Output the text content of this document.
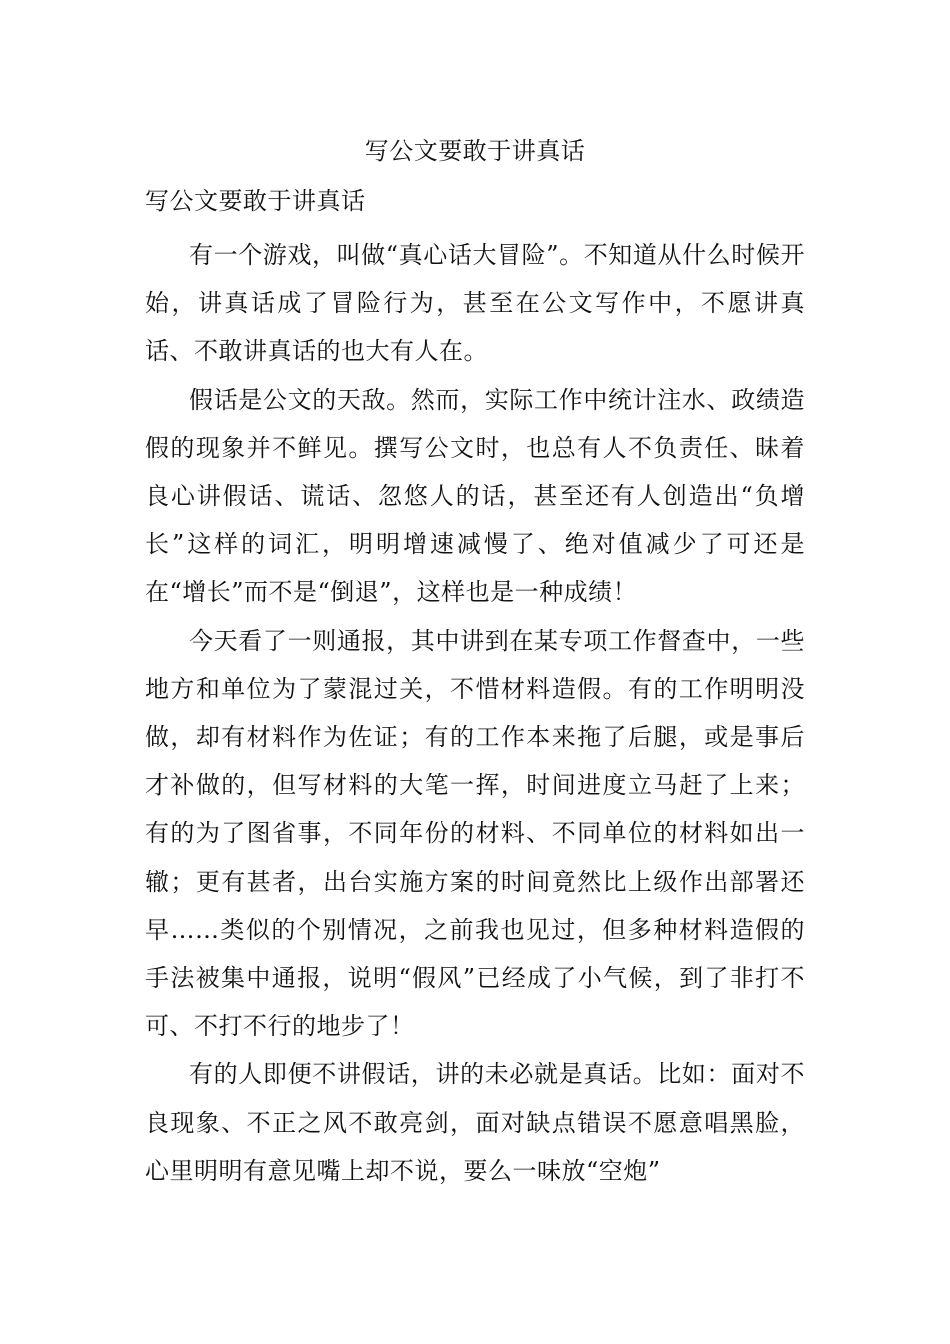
写公文要敢于讲真话
写公文要敢于讲真话

有一个游戏，叫做“真心话大冒险”。不知道从什么时候开始，讲真话成了冒险行为，甚至在公文写作中，不愿讲真话、不敢讲真话的也大有人在。

假话是公文的天敌。然而，实际工作中统计注水、政绩造假的现象并不鲜见。撰写公文时，也总有人不负责任、昧着良心讲假话、谎话、忽悠人的话，甚至还有人创造出“负增长”这样的词汇，明明增速减慢了、绝对值减少了可还是在“增长”而不是“倒退”，这样也是一种成绩！

今天看了一则通报，其中讲到在某专项工作督查中，一些地方和单位为了蒙混过关，不惜材料造假。有的工作明明没做，却有材料作为佐证；有的工作本来拖了后腿，或是事后才补做的，但写材料的大笔一挥，时间进度立马赶了上来；有的为了图省事，不同年份的材料、不同单位的材料如出一辙；更有甚者，出台实施方案的时间竟然比上级作出部署还早……类似的个别情况，之前我也见过，但多种材料造假的手法被集中通报，说明“假风”已经成了小气候，到了非打不可、不打不行的地步了！

有的人即便不讲假话，讲的未必就是真话。比如：面对不良现象、不正之风不敢亮剑，面对缺点错误不愿意唱黑脸，心里明明有意见嘴上却不说，要么一味放“空炮”
